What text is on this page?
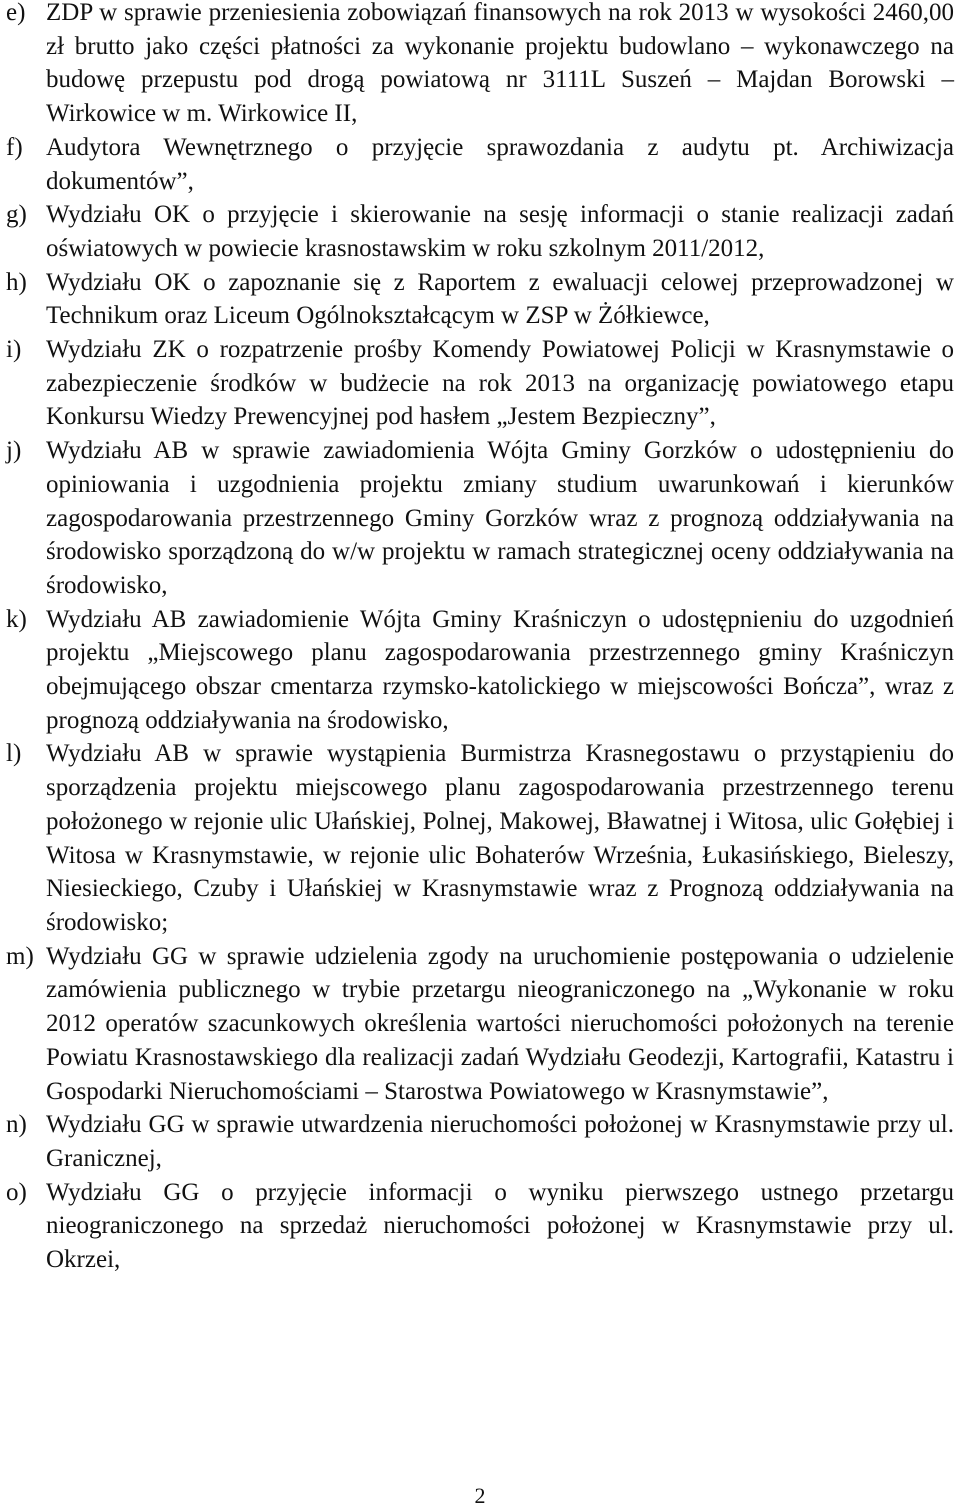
e) ZDP w sprawie przeniesienia zobowiązań finansowych na rok 2013 w wysokości 2460,00 zł brutto jako części płatności za wykonanie projektu budowlano – wykonawczego na budowę przepustu pod drogą powiatową nr 3111L Suszeń – Majdan Borowski – Wirkowice w m. Wirkowice II,
f) Audytora Wewnętrznego o przyjęcie sprawozdania z audytu pt. Archiwizacja dokumentów”,
g) Wydziału OK o przyjęcie i skierowanie na sesję informacji o stanie realizacji zadań oświatowych w powiecie krasnostawskim w roku szkolnym 2011/2012,
h) Wydziału OK o zapoznanie się z Raportem z ewaluacji celowej przeprowadzonej w Technikum oraz Liceum Ogólnokształcącym w ZSP w Żółkiewce,
i) Wydziału ZK o rozpatrzenie prośby Komendy Powiatowej Policji w Krasnymstawie o zabezpieczenie środków w budżecie na rok 2013 na organizację powiatowego etapu Konkursu Wiedzy Prewencyjnej pod hasłem „Jestem Bezpieczny”,
j) Wydziału AB w sprawie zawiadomienia Wójta Gminy Gorzków o udostępnieniu do opiniowania i uzgodnienia projektu zmiany studium uwarunkowań i kierunków zagospodarowania przestrzennego Gminy Gorzków wraz z prognozą oddziaływania na środowisko sporządzoną do w/w projektu w ramach strategicznej oceny oddziaływania na środowisko,
k) Wydziału AB zawiadomienie Wójta Gminy Kraśniczyn o udostępnieniu do uzgodnień projektu „Miejscowego planu zagospodarowania przestrzennego gminy Kraśniczyn obejmującego obszar cmentarza rzymsko-katolickiego w miejscowości Bończa”, wraz z prognozą oddziaływania na środowisko,
l) Wydziału AB w sprawie wystąpienia Burmistrza Krasnegostawu o przystąpieniu do sporządzenia projektu miejscowego planu zagospodarowania przestrzennego terenu położonego w rejonie ulic Ułańskiej, Polnej, Makowej, Bławatnej i Witosa, ulic Gołębiej i Witosa w Krasnymstawie, w rejonie ulic Bohaterów Września, Łukasińskiego, Bieleszy, Niesieckiego, Czuby i Ułańskiej w Krasnymstawie wraz z Prognozą oddziaływania na środowisko;
m) Wydziału GG w sprawie udzielenia zgody na uruchomienie postępowania o udzielenie zamówienia publicznego w trybie przetargu nieograniczonego na „Wykonanie w roku 2012 operatów szacunkowych określenia wartości nieruchomości położonych na terenie Powiatu Krasnostawskiego dla realizacji zadań Wydziału Geodezji, Kartografii, Katastru i Gospodarki Nieruchomościami – Starostwa Powiatowego w Krasnymstawie”,
n) Wydziału GG w sprawie utwardzenia nieruchomości położonej w Krasnymstawie przy ul. Granicznej,
o) Wydziału GG o przyjęcie informacji o wyniku pierwszego ustnego przetargu nieograniczonego na sprzedaż nieruchomości położonej w Krasnymstawie przy ul. Okrzei,
2
